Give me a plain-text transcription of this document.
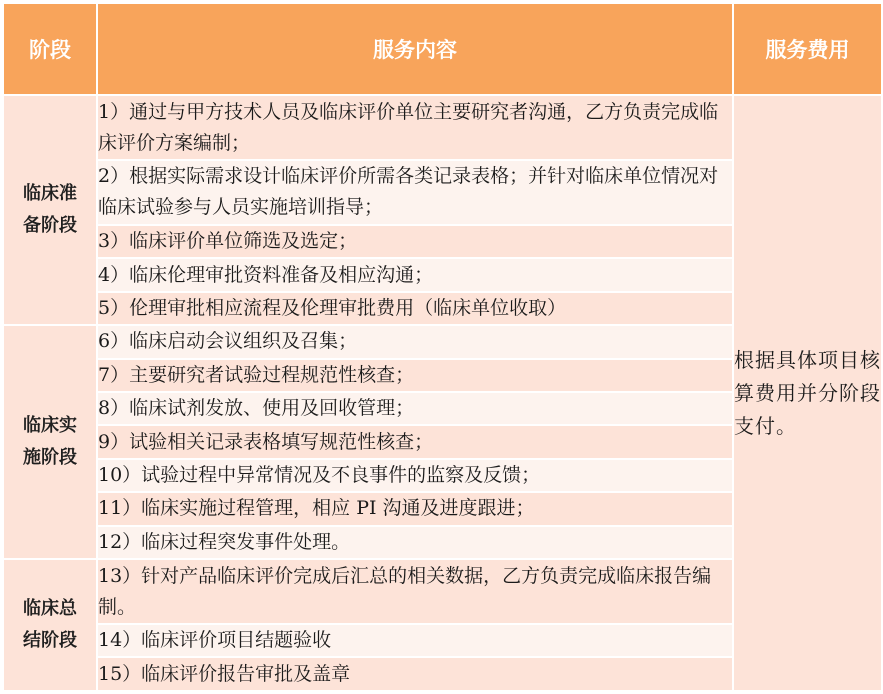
阶段	服务内容	服务费用

临床准
备阶段	1）通过与甲方技术人员及临床评价单位主要研究者沟通，乙方负责完成临床评价方案编制；	根据具体项目核算费用并分阶段支付。

	2）根据实际需求设计临床评价所需各类记录表格；并针对临床单位情况对临床试验参与人员实施培训指导；	
	3）临床评价单位筛选及选定；	
	4）临床伦理审批资料准备及相应沟通；	
	5）伦理审批相应流程及伦理审批费用（临床单位收取）	

临床实
施阶段	6）临床启动会议组织及召集；	
	7）主要研究者试验过程规范性核查；	
	8）临床试剂发放、使用及回收管理；	
	9）试验相关记录表格填写规范性核查；	
	10）试验过程中异常情况及不良事件的监察及反馈；	
	11）临床实施过程管理，相应 PI 沟通及进度跟进；	
	12）临床过程突发事件处理。	

临床总
结阶段	13）针对产品临床评价完成后汇总的相关数据，乙方负责完成临床报告编制。	
	14）临床评价项目结题验收	
	15）临床评价报告审批及盖章	
